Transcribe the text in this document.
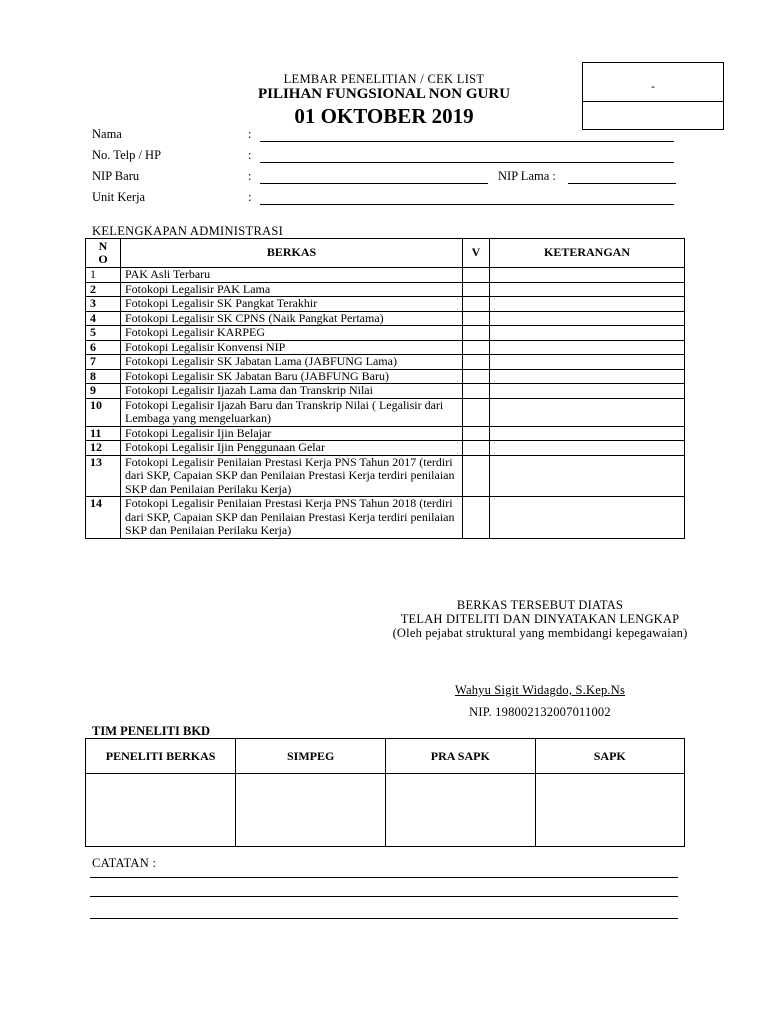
-
LEMBAR PENELITIAN / CEK LIST
PILIHAN FUNGSIONAL NON GURU
01 OKTOBER 2019
Nama	:
No. Telp / HP	:
NIP Baru	:	NIP Lama :
Unit Kerja	:
KELENGKAPAN ADMINISTRASI
N
O	BERKAS	V	KETERANGAN
1	PAK Asli Terbaru		
2	Fotokopi Legalisir PAK Lama		
3	Fotokopi Legalisir SK Pangkat Terakhir		
4	Fotokopi Legalisir SK CPNS (Naik Pangkat Pertama)		
5	Fotokopi Legalisir KARPEG		
6	Fotokopi Legalisir Konvensi NIP		
7	Fotokopi Legalisir SK Jabatan Lama (JABFUNG Lama)		
8	Fotokopi Legalisir SK Jabatan Baru (JABFUNG Baru)		
9	Fotokopi Legalisir Ijazah Lama dan Transkrip Nilai		
10	Fotokopi Legalisir Ijazah Baru dan Transkrip Nilai ( Legalisir dari Lembaga yang mengeluarkan)		
11	Fotokopi Legalisir Ijin Belajar		
12	Fotokopi Legalisir Ijin Penggunaan Gelar		
13	Fotokopi Legalisir Penilaian Prestasi Kerja PNS Tahun 2017 (terdiri dari SKP, Capaian SKP dan Penilaian Prestasi Kerja terdiri penilaian SKP dan Penilaian Perilaku Kerja)		
14	Fotokopi Legalisir Penilaian Prestasi Kerja PNS Tahun 2018 (terdiri dari SKP, Capaian SKP dan Penilaian Prestasi Kerja terdiri penilaian SKP dan Penilaian Perilaku Kerja)		
BERKAS TERSEBUT DIATAS
TELAH DITELITI DAN DINYATAKAN LENGKAP
(Oleh pejabat struktural yang membidangi kepegawaian)
Wahyu Sigit Widagdo, S.Kep.Ns
NIP. 198002132007011002
TIM PENELITI BKD
PENELITI BERKAS	SIMPEG	PRA SAPK	SAPK

CATATAN :
